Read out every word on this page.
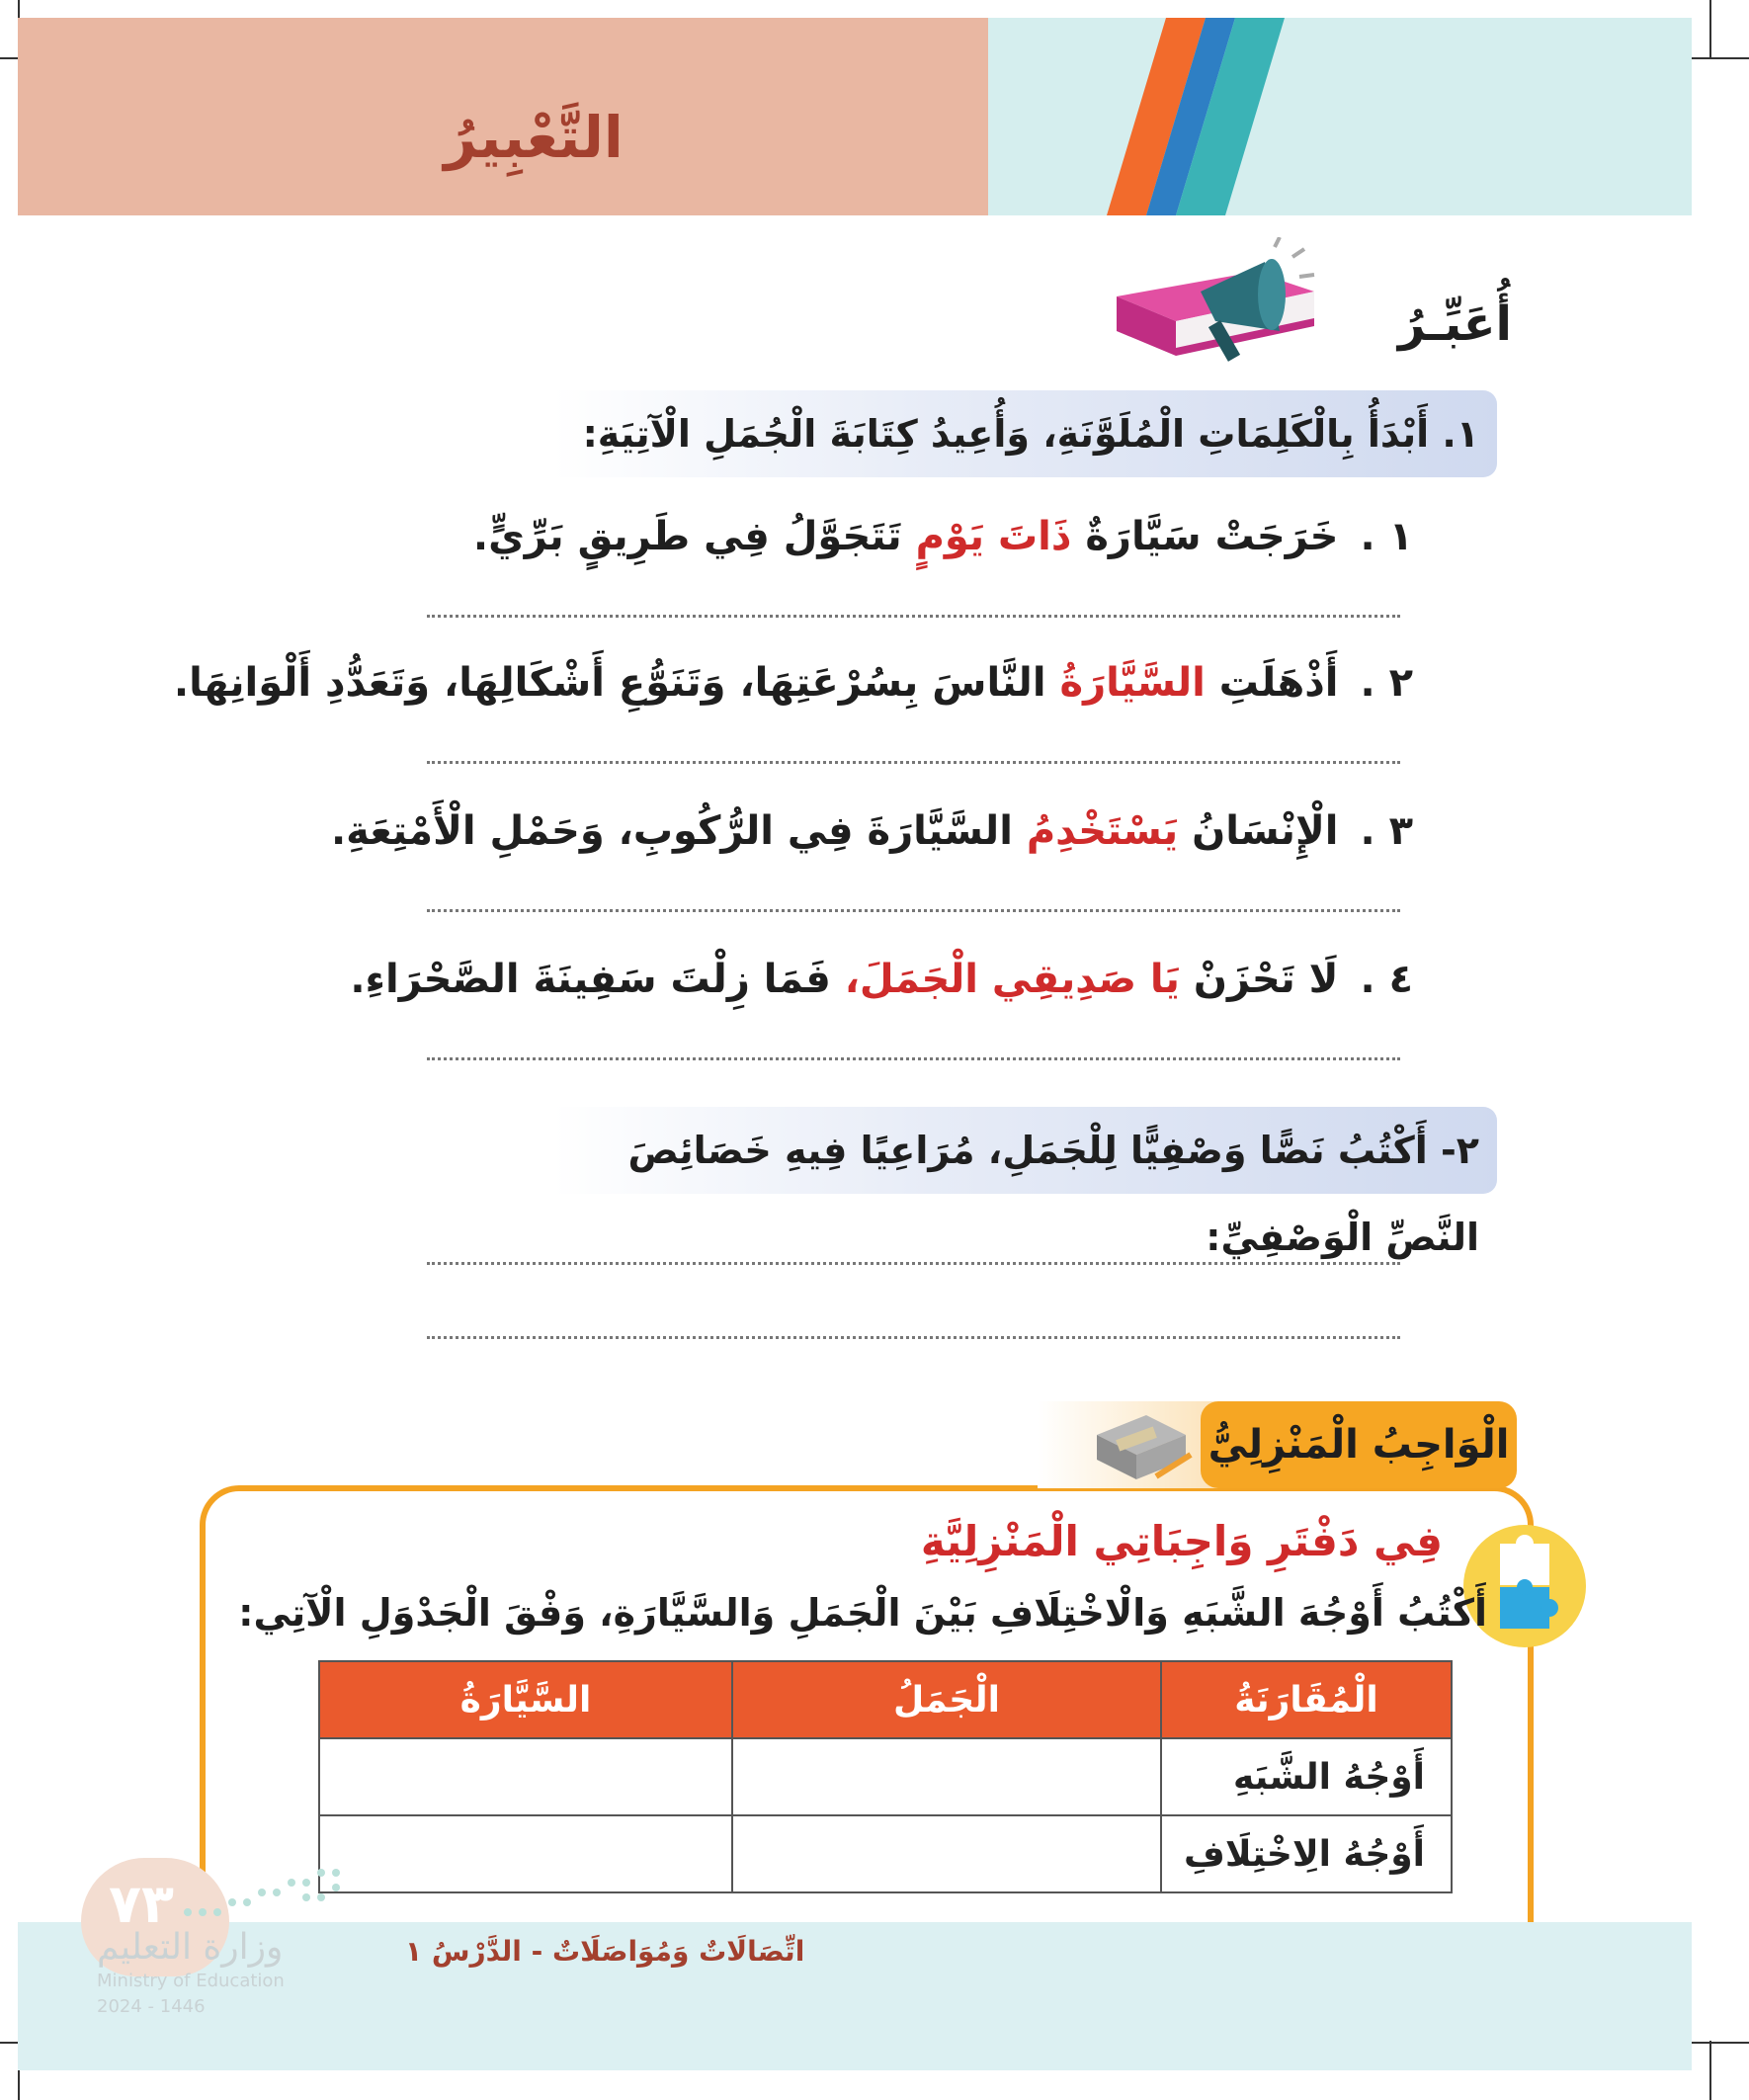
التَّعْبِيرُ
أُعَبِّـرُ
١. أَبْدَأُ بِالْكَلِمَاتِ الْمُلَوَّنَةِ، وَأُعِيدُ كِتَابَةَ الْجُمَلِ الْآتِيَةِ:
١ .خَرَجَتْ سَيَّارَةٌ ذَاتَ يَوْمٍ تَتَجَوَّلُ فِي طَرِيقٍ بَرِّيٍّ.
٢ .أَذْهَلَتِ السَّيَّارَةُ النَّاسَ بِسُرْعَتِهَا، وَتَنَوُّعِ أَشْكَالِهَا، وَتَعَدُّدِ أَلْوَانِهَا.
٣ .الْإِنْسَانُ يَسْتَخْدِمُ السَّيَّارَةَ فِي الرُّكُوبِ، وَحَمْلِ الْأَمْتِعَةِ.
٤ .لَا تَحْزَنْ يَا صَدِيقِي الْجَمَلَ، فَمَا زِلْتَ سَفِينَةَ الصَّحْرَاءِ.
٢- أَكْتُبُ نَصًّا وَصْفِيًّا لِلْجَمَلِ، مُرَاعِيًا فِيهِ خَصَائِصَ النَّصِّ الْوَصْفِيِّ:
الْوَاجِبُ الْمَنْزِلِيُّ
فِي دَفْتَرِ وَاجِبَاتِي الْمَنْزِلِيَّةِ
أَكْتُبُ أَوْجُهَ الشَّبَهِ وَالْاخْتِلَافِ بَيْنَ الْجَمَلِ وَالسَّيَّارَةِ، وَفْقَ الْجَدْوَلِ الْآتِي:
الْمُقَارَنَةُ	الْجَمَلُ	السَّيَّارَةُ
أَوْجُهُ الشَّبَهِ		
أَوْجُهُ الِاخْتِلَافِ		
٧٣
وزارة التعليم
Ministry of Education
2024 - 1446
اتِّصَالَاتٌ وَمُوَاصَلَاتٌ - الدَّرْسُ ١
